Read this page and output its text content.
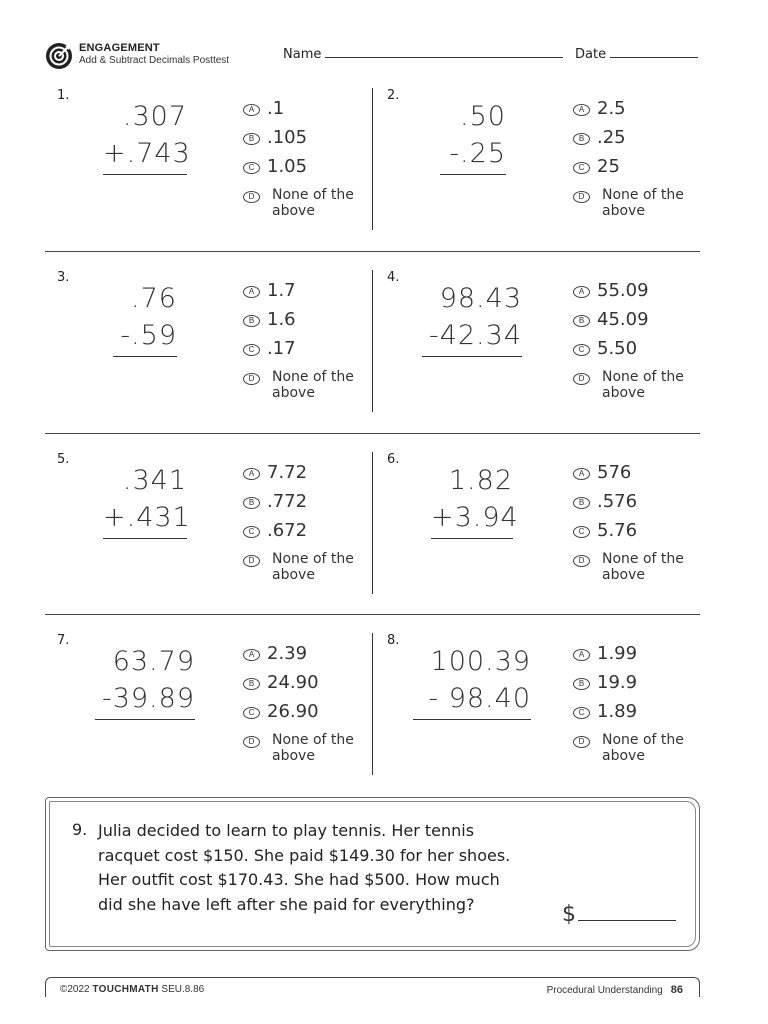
ENGAGEMENT
Add & Subtract Decimals Posttest	Name	Date
1.
.307
+.743
A .1
B .105
C 1.05
D	None of the above
2.
.50
-.25
A 2.5
B .25
C 25
D	None of the above
3.
.76
-.59
A 1.7
B 1.6
C .17
D	None of the above
4.
98.43
-42.34
A 55.09
B 45.09
C 5.50
D	None of the above
5.
.341
+.431
A 7.72
B .772
C .672
D	None of the above
6.
1.82
+3.94
A 576
B .576
C 5.76
D	None of the above
7.
63.79
-39.89
A 2.39
B 24.90
C 26.90
D	None of the above
8.
100.39
- 98.40
A 1.99
B 19.9
C 1.89
D	None of the above
9. Julia decided to learn to play tennis. Her tennis racquet cost $150. She paid $149.30 for her shoes. Her outfit cost $170.43. She had $500. How much did she have left after she paid for everything?	$
©2022 TOUCHMATH SEU.8.86	Procedural Understanding 86
